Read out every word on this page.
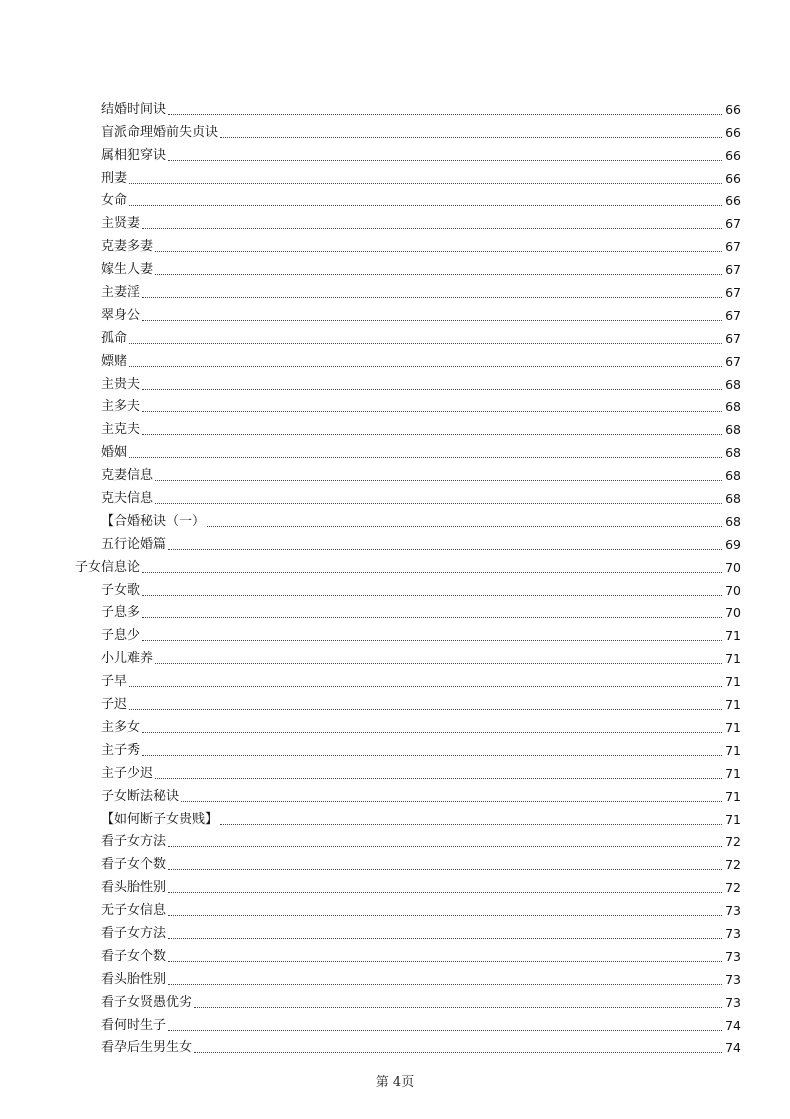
结婚时间诀	66
盲派命理婚前失贞诀	66
属相犯穿诀	66
刑妻	66
女命	66
主贤妻	67
克妻多妻	67
嫁生人妻	67
主妻淫	67
翠身公	67
孤命	67
嫖赌	67
主贵夫	68
主多夫	68
主克夫	68
婚姻	68
克妻信息	68
克夫信息	68
【合婚秘诀（一）	68
五行论婚篇	69
子女信息论	70
子女歌	70
子息多	70
子息少	71
小儿难养	71
子早	71
子迟	71
主多女	71
主子秀	71
主子少迟	71
子女断法秘诀	71
【如何断子女贵贱】	71
看子女方法	72
看子女个数	72
看头胎性别	72
无子女信息	73
看子女方法	73
看子女个数	73
看头胎性别	73
看子女贤愚优劣	73
看何时生子	74
看孕后生男生女	74
第 4页
